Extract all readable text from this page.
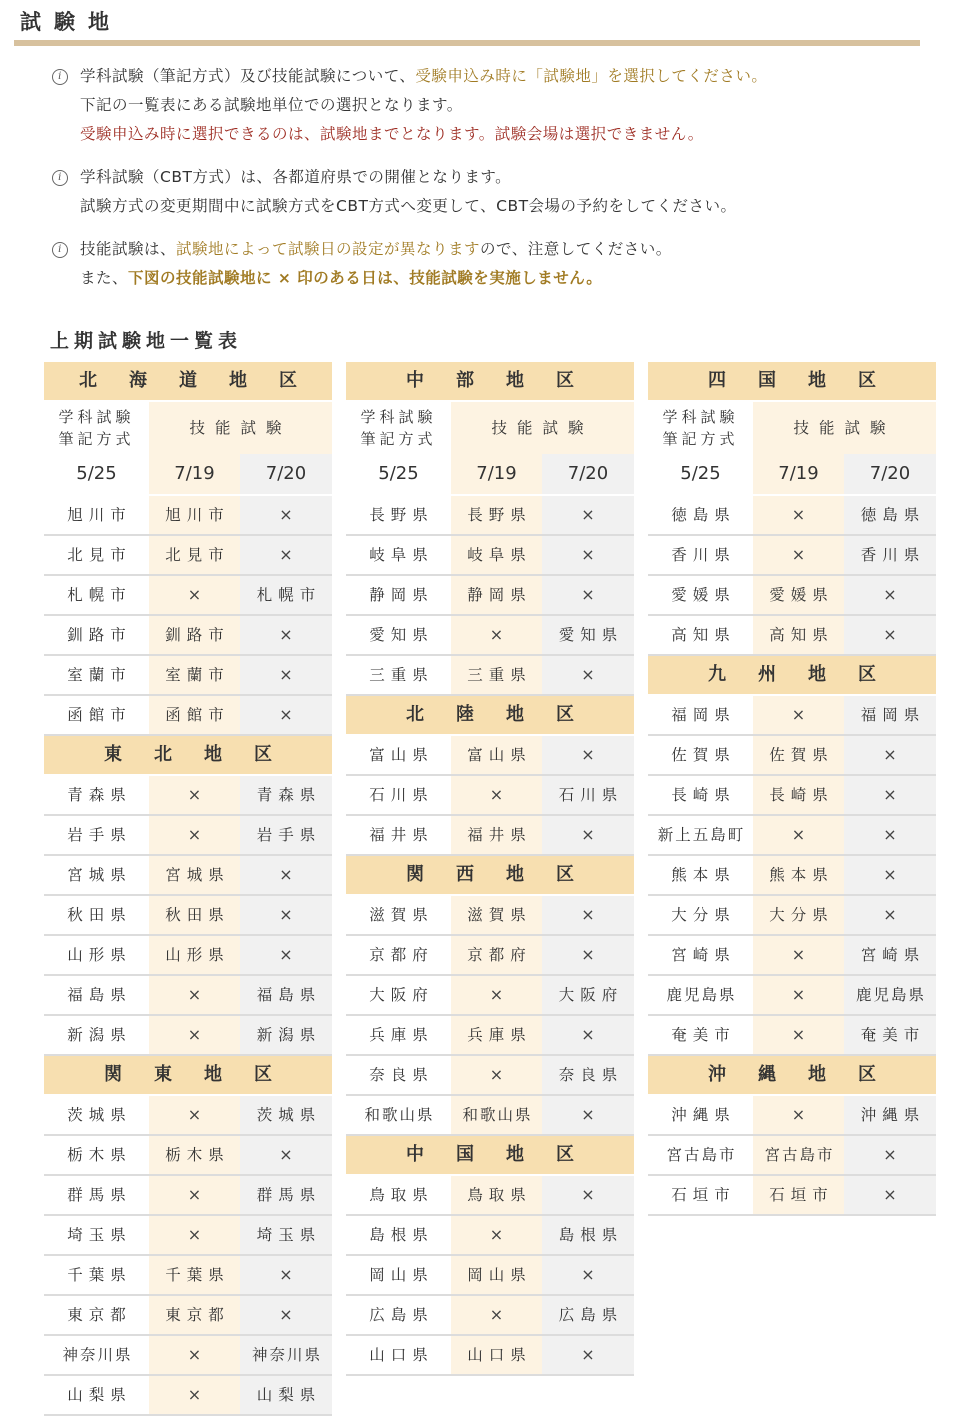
試験地
i	学科試験（筆記方式）及び技能試験について、受験申込み時に「試験地」を選択してください。
下記の一覧表にある試験地単位での選択となります。
受験申込み時に選択できるのは、試験地までとなります。試験会場は選択できません。
i	学科試験（CBT方式）は、各都道府県での開催となります。
試験方式の変更期間中に試験方式をCBT方式へ変更して、CBT会場の予約をしてください。
i	技能試験は、試験地によって試験日の設定が異なりますので、注意してください。
また、下図の技能試験地に × 印のある日は、技能試験を実施しません。
上期試験地一覧表
北海道地区
学科試験
筆記方式
技能試験
5/25	7/19	7/20
旭川市	旭川市	×
北見市	北見市	×
札幌市	×	札幌市
釧路市	釧路市	×
室蘭市	室蘭市	×
函館市	函館市	×
東北地区
青森県	×	青森県
岩手県	×	岩手県
宮城県	宮城県	×
秋田県	秋田県	×
山形県	山形県	×
福島県	×	福島県
新潟県	×	新潟県
関東地区
茨城県	×	茨城県
栃木県	栃木県	×
群馬県	×	群馬県
埼玉県	×	埼玉県
千葉県	千葉県	×
東京都	東京都	×
神奈川県	×	神奈川県
山梨県	×	山梨県
中部地区
学科試験
筆記方式
技能試験
5/25	7/19	7/20
長野県	長野県	×
岐阜県	岐阜県	×
静岡県	静岡県	×
愛知県	×	愛知県
三重県	三重県	×
北陸地区
富山県	富山県	×
石川県	×	石川県
福井県	福井県	×
関西地区
滋賀県	滋賀県	×
京都府	京都府	×
大阪府	×	大阪府
兵庫県	兵庫県	×
奈良県	×	奈良県
和歌山県	和歌山県	×
中国地区
鳥取県	鳥取県	×
島根県	×	島根県
岡山県	岡山県	×
広島県	×	広島県
山口県	山口県	×
四国地区
学科試験
筆記方式
技能試験
5/25	7/19	7/20
徳島県	×	徳島県
香川県	×	香川県
愛媛県	愛媛県	×
高知県	高知県	×
九州地区
福岡県	×	福岡県
佐賀県	佐賀県	×
長崎県	長崎県	×
新上五島町	×	×
熊本県	熊本県	×
大分県	大分県	×
宮崎県	×	宮崎県
鹿児島県	×	鹿児島県
奄美市	×	奄美市
沖縄地区
沖縄県	×	沖縄県
宮古島市	宮古島市	×
石垣市	石垣市	×
